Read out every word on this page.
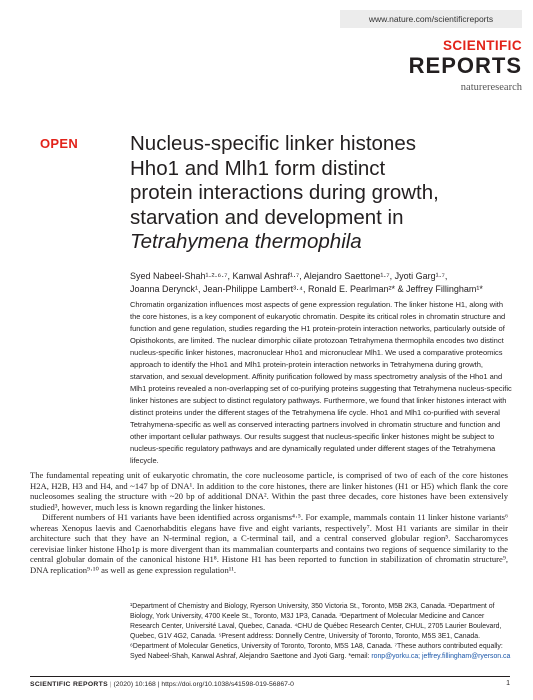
www.nature.com/scientificreports
SCIENTIFIC
REPORTS
natureresearch
OPEN	Nucleus-specific linker histones
Hho1 and Mlh1 form distinct
protein interactions during growth,
starvation and development in
Tetrahymena thermophila
Syed Nabeel-Shah¹·²·⁶·⁷, Kanwal Ashraf¹·⁷, Alejandro Saettone¹·⁷, Jyoti Garg¹·⁷,
Joanna Derynck¹, Jean-Philippe Lambert³·⁴, Ronald E. Pearlman²* & Jeffrey Fillingham¹*

Chromatin organization influences most aspects of gene expression regulation. The linker histone H1, along with the core histones, is a key component of eukaryotic chromatin. Despite its critical roles in chromatin structure and function and gene regulation, studies regarding the H1 protein-protein interaction networks, particularly outside of Opisthokonts, are limited. The nuclear dimorphic ciliate protozoan Tetrahymena thermophila encodes two distinct nucleus-specific linker histones, macronuclear Hho1 and micronuclear Mlh1. We used a comparative proteomics approach to identify the Hho1 and Mlh1 protein-protein interaction networks in Tetrahymena during growth, starvation, and sexual development. Affinity purification followed by mass spectrometry analysis of the Hho1 and Mlh1 proteins revealed a non-overlapping set of co-purifying proteins suggesting that Tetrahymena nucleus-specific linker histones are subject to distinct regulatory pathways. Furthermore, we found that linker histones interact with distinct proteins under the different stages of the Tetrahymena life cycle. Hho1 and Mlh1 co-purified with several Tetrahymena-specific as well as conserved interacting partners involved in chromatin structure and function and other important cellular pathways. Our results suggest that nucleus-specific linker histones might be subject to nucleus-specific regulatory pathways and are dynamically regulated under different stages of the Tetrahymena lifecycle.

The fundamental repeating unit of eukaryotic chromatin, the core nucleosome particle, is comprised of two of each of the core histones H2A, H2B, H3 and H4, and ~147 bp of DNA¹. In addition to the core histones, there are linker histones (H1 or H5) which flank the core nucleosomes sealing the structure with ~20 bp of additional DNA². Within the past three decades, core histones have been extensively studied³, however, much less is known regarding the linker histones.

Different numbers of H1 variants have been identified across organisms⁴·⁵. For example, mammals contain 11 linker histone variants⁶ whereas Xenopus laevis and Caenorhabditis elegans have five and eight variants, respectively⁷. Most H1 variants are similar in their architecture such that they have an N-terminal region, a C-terminal tail, and a central conserved globular region⁵. Saccharomyces cerevisiae linker histone Hho1p is more divergent than its mammalian counterparts and contains two regions of sequence similarity to the central globular domain of the canonical histone H1⁸. Histone H1 has been reported to function in stabilization of chromatin structure⁹, DNA replication⁹·¹⁰ as well as gene expression regulation¹¹.

¹Department of Chemistry and Biology, Ryerson University, 350 Victoria St., Toronto, M5B 2K3, Canada. ²Department of Biology, York University, 4700 Keele St., Toronto, M3J 1P3, Canada. ³Department of Molecular Medicine and Cancer Research Center, Université Laval, Quebec, Canada. ⁴CHU de Québec Research Center, CHUL, 2705 Laurier Boulevard, Quebec, G1V 4G2, Canada. ⁵Present address: Donnelly Centre, University of Toronto, Toronto, M5S 3E1, Canada. ⁶Department of Molecular Genetics, University of Toronto, Toronto, M5S 1A8, Canada. ⁷These authors contributed equally: Syed Nabeel-Shah, Kanwal Ashraf, Alejandro Saettone and Jyoti Garg. *email: ronp@yorku.ca; jeffrey.fillingham@ryerson.ca

SCIENTIFIC REPORTS | (2020) 10:168 | https://doi.org/10.1038/s41598-019-56867-0	1
